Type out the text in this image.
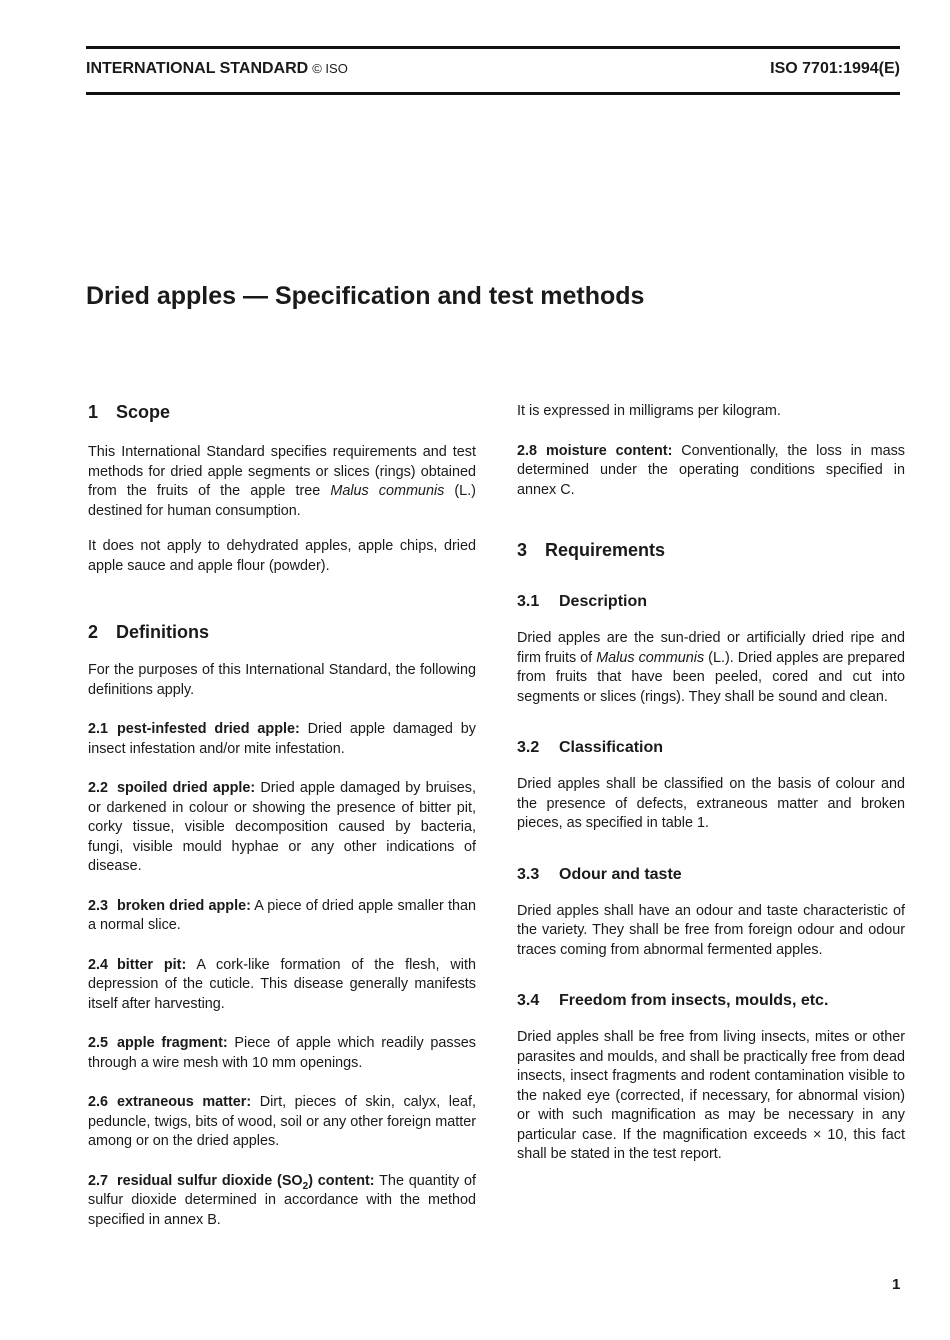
INTERNATIONAL STANDARD © ISO	ISO 7701:1994(E)
Dried apples — Specification and test methods
1 Scope

This International Standard specifies requirements and test methods for dried apple segments or slices (rings) obtained from the fruits of the apple tree Malus communis (L.) destined for human consumption.

It does not apply to dehydrated apples, apple chips, dried apple sauce and apple flour (powder).

2 Definitions

For the purposes of this International Standard, the following definitions apply.

2.1 pest-infested dried apple: Dried apple damaged by insect infestation and/or mite infestation.

2.2 spoiled dried apple: Dried apple damaged by bruises, or darkened in colour or showing the presence of bitter pit, corky tissue, visible decomposition caused by bacteria, fungi, visible mould hyphae or any other indications of disease.

2.3 broken dried apple: A piece of dried apple smaller than a normal slice.

2.4 bitter pit: A cork-like formation of the flesh, with depression of the cuticle. This disease generally manifests itself after harvesting.

2.5 apple fragment: Piece of apple which readily passes through a wire mesh with 10 mm openings.

2.6 extraneous matter: Dirt, pieces of skin, calyx, leaf, peduncle, twigs, bits of wood, soil or any other foreign matter among or on the dried apples.

2.7 residual sulfur dioxide $(SO_2)$ content: The quantity of sulfur dioxide determined in accordance with the method specified in annex B.

It is expressed in milligrams per kilogram.

2.8 moisture content: Conventionally, the loss in mass determined under the operating conditions specified in annex C.

3 Requirements
3.1	Description

Dried apples are the sun-dried or artificially dried ripe and firm fruits of Malus communis (L.). Dried apples are prepared from fruits that have been peeled, cored and cut into segments or slices (rings). They shall be sound and clean.

3.2	Classification

Dried apples shall be classified on the basis of colour and the presence of defects, extraneous matter and broken pieces, as specified in table 1.

3.3	Odour and taste

Dried apples shall have an odour and taste characteristic of the variety. They shall be free from foreign odour and odour traces coming from abnormal fermented apples.

3.4	Freedom from insects, moulds, etc.

Dried apples shall be free from living insects, mites or other parasites and moulds, and shall be practically free from dead insects, insect fragments and rodent contamination visible to the naked eye (corrected, if necessary, for abnormal vision) or with such magnification as may be necessary in any particular case. If the magnification exceeds × 10, this fact shall be stated in the test report.

1
